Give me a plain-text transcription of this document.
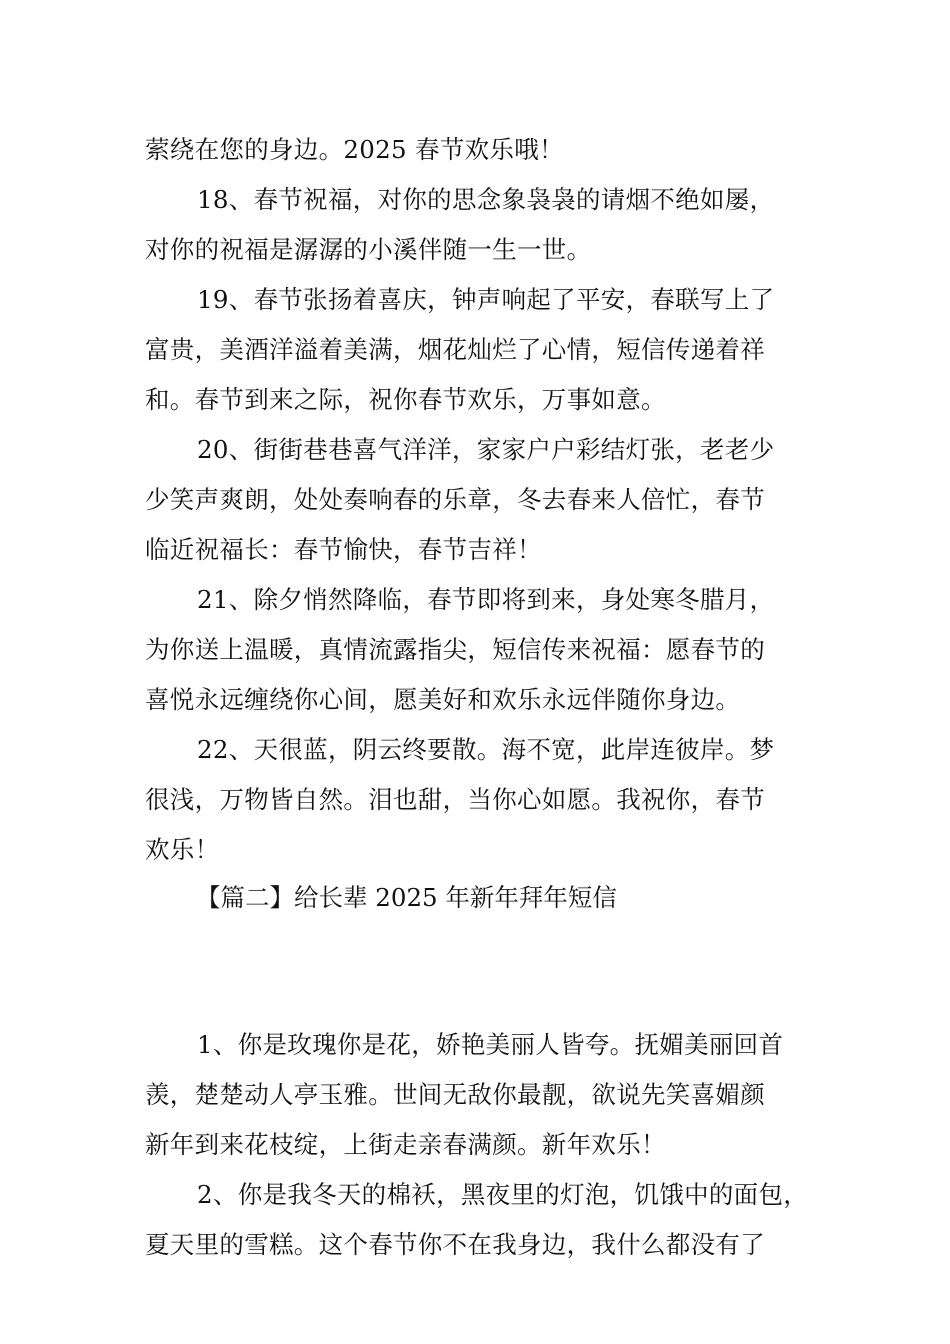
萦绕在您的身边。2025 春节欢乐哦！

18、春节祝福，对你的思念象袅袅的请烟不绝如屡，
对你的祝福是潺潺的小溪伴随一生一世。

19、春节张扬着喜庆，钟声响起了平安，春联写上了
富贵，美酒洋溢着美满，烟花灿烂了心情，短信传递着祥
和。春节到来之际，祝你春节欢乐，万事如意。

20、街街巷巷喜气洋洋，家家户户彩结灯张，老老少
少笑声爽朗，处处奏响春的乐章，冬去春来人倍忙，春节
临近祝福长：春节愉快，春节吉祥！

21、除夕悄然降临，春节即将到来，身处寒冬腊月，
为你送上温暖，真情流露指尖，短信传来祝福：愿春节的
喜悦永远缠绕你心间，愿美好和欢乐永远伴随你身边。

22、天很蓝，阴云终要散。海不宽，此岸连彼岸。梦
很浅，万物皆自然。泪也甜，当你心如愿。我祝你，春节
欢乐！

【篇二】给长辈 2025 年新年拜年短信

1、你是玫瑰你是花，娇艳美丽人皆夸。抚媚美丽回首
羡，楚楚动人亭玉雅。世间无敌你最靓，欲说先笑喜媚颜
新年到来花枝绽，上街走亲春满颜。新年欢乐！

2、你是我冬天的棉袄，黑夜里的灯泡，饥饿中的面包，
夏天里的雪糕。这个春节你不在我身边，我什么都没有了
